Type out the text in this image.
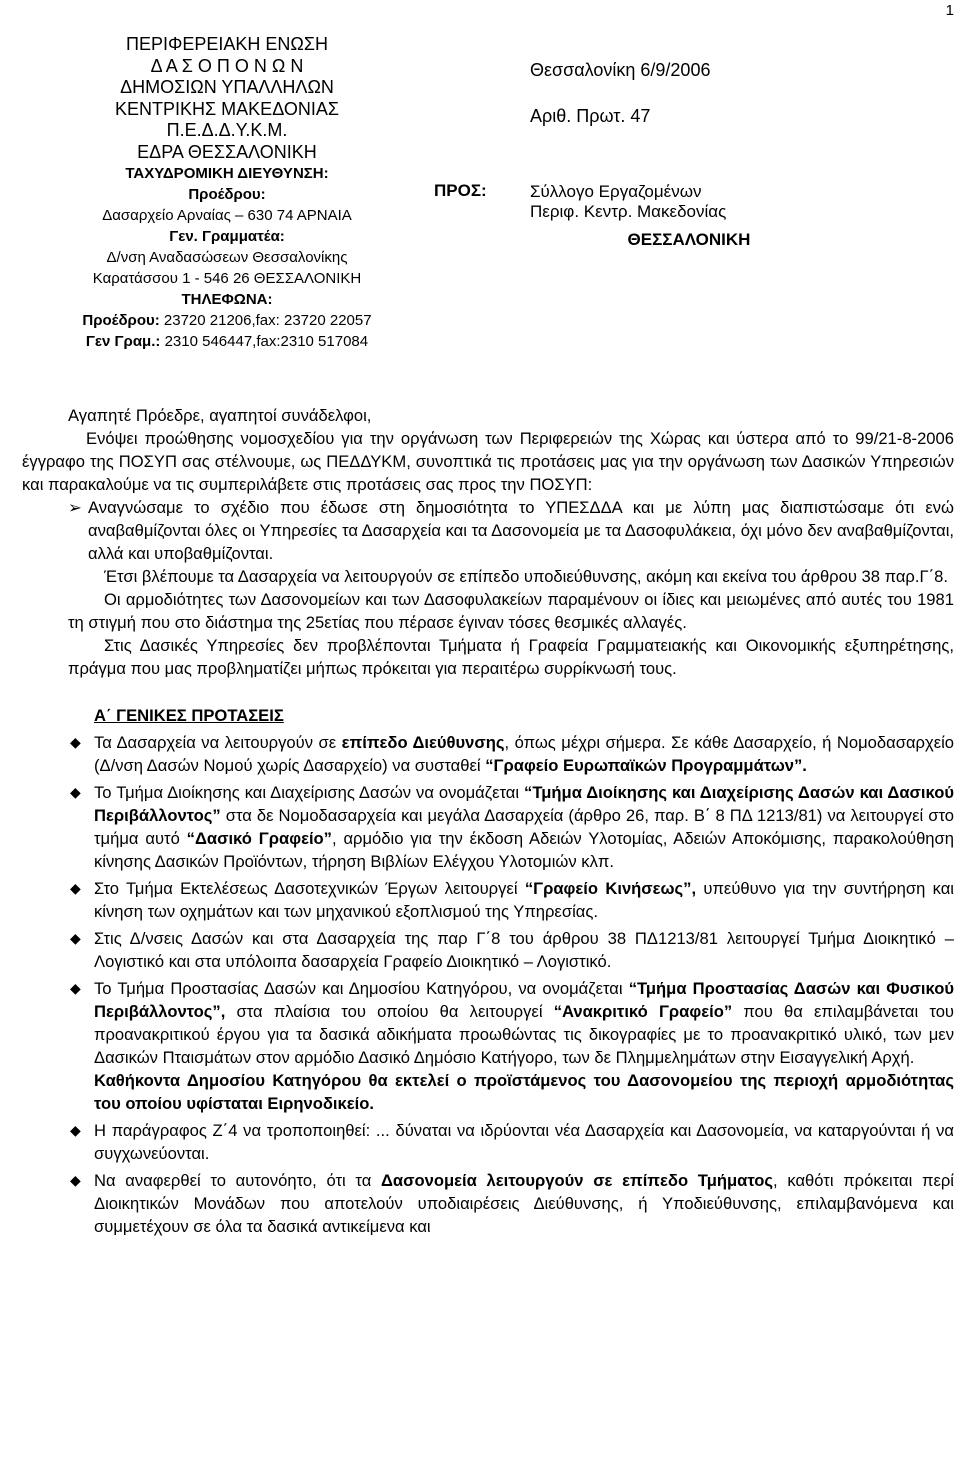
1
ΠΕΡΙΦΕΡΕΙΑΚΗ ΕΝΩΣΗ
Δ Α Σ Ο Π Ο Ν Ω Ν
ΔΗΜΟΣΙΩΝ ΥΠΑΛΛΗΛΩΝ
ΚΕΝΤΡΙΚΗΣ ΜΑΚΕΔΟΝΙΑΣ
Π.Ε.Δ.Δ.Υ.Κ.Μ.
ΕΔΡΑ ΘΕΣΣΑΛΟΝΙΚΗ
ΤΑΧΥΔΡΟΜΙΚΗ ΔΙΕΥΘΥΝΣΗ:
Προέδρου:
Δασαρχείο Αρναίας – 630 74 ΑΡΝΑΙΑ
Γεν. Γραμματέα:
Δ/νση Αναδασώσεων Θεσσαλονίκης
Καρατάσσου 1 - 546 26 ΘΕΣΣΑΛΟΝΙΚΗ
ΤΗΛΕΦΩΝΑ:
Προέδρου: 23720 21206,fax: 23720 22057
Γεν Γραμ.: 2310 546447,fax:2310 517084
Θεσσαλονίκη 6/9/2006
Αριθ. Πρωτ. 47
ΠΡΟΣ:	Σύλλογο Εργαζομένων
Περιφ. Κεντρ. Μακεδονίας
ΘΕΣΣΑΛΟΝΙΚΗ

Αγαπητέ Πρόεδρε, αγαπητοί συνάδελφοι,

Ενόψει προώθησης νομοσχεδίου για την οργάνωση των Περιφερειών της Χώρας και ύστερα από το 99/21-8-2006 έγγραφο της ΠΟΣΥΠ σας στέλνουμε, ως ΠΕΔΔΥΚΜ, συνοπτικά τις προτάσεις μας για την οργάνωση των Δασικών Υπηρεσιών και παρακαλούμε να τις συμπεριλάβετε στις προτάσεις σας προς την ΠΟΣΥΠ:

➢ Αναγνώσαμε το σχέδιο που έδωσε στη δημοσιότητα το ΥΠΕΣΔΔΑ και με λύπη μας διαπιστώσαμε ότι ενώ αναβαθμίζονται όλες οι Υπηρεσίες τα Δασαρχεία και τα Δασονομεία με τα Δασοφυλάκεια, όχι μόνο δεν αναβαθμίζονται, αλλά και υποβαθμίζονται.

Έτσι βλέπουμε τα Δασαρχεία να λειτουργούν σε επίπεδο υποδιεύθυνσης, ακόμη και εκείνα του άρθρου 38 παρ.Γ΄8.

Οι αρμοδιότητες των Δασονομείων και των Δασοφυλακείων παραμένουν οι ίδιες και μειωμένες από αυτές του 1981 τη στιγμή που στο διάστημα της 25ετίας που πέρασε έγιναν τόσες θεσμικές αλλαγές.

Στις Δασικές Υπηρεσίες δεν προβλέπονται Τμήματα ή Γραφεία Γραμματειακής και Οικονομικής εξυπηρέτησης, πράγμα που μας προβληματίζει μήπως πρόκειται για περαιτέρω συρρίκνωσή τους.

Α΄ ΓΕΝΙΚΕΣ ΠΡΟΤΑΣΕΙΣ

◆ Τα Δασαρχεία να λειτουργούν σε επίπεδο Διεύθυνσης, όπως μέχρι σήμερα. Σε κάθε Δασαρχείο, ή Νομοδασαρχείο (Δ/νση Δασών Νομού χωρίς Δασαρχείο) να συσταθεί “Γραφείο Ευρωπαϊκών Προγραμμάτων”.

◆ Το Τμήμα Διοίκησης και Διαχείρισης Δασών να ονομάζεται “Τμήμα Διοίκησης και Διαχείρισης Δασών και Δασικού Περιβάλλοντος” στα δε Νομοδασαρχεία και μεγάλα Δασαρχεία (άρθρο 26, παρ. Β΄ 8 ΠΔ 1213/81) να λειτουργεί στο τμήμα αυτό “Δασικό Γραφείο”, αρμόδιο για την έκδοση Αδειών Υλοτομίας, Αδειών Αποκόμισης, παρακολούθηση κίνησης Δασικών Προϊόντων, τήρηση Βιβλίων Ελέγχου Υλοτομιών κλπ.

◆ Στο Τμήμα Εκτελέσεως Δασοτεχνικών Έργων λειτουργεί “Γραφείο Κινήσεως”, υπεύθυνο για την συντήρηση και κίνηση των οχημάτων και των μηχανικού εξοπλισμού της Υπηρεσίας.

◆ Στις Δ/νσεις Δασών και στα Δασαρχεία της παρ Γ΄8 του άρθρου 38 ΠΔ1213/81 λειτουργεί Τμήμα Διοικητικό – Λογιστικό και στα υπόλοιπα δασαρχεία Γραφείο Διοικητικό – Λογιστικό.

◆ Το Τμήμα Προστασίας Δασών και Δημοσίου Κατηγόρου, να ονομάζεται “Τμήμα Προστασίας Δασών και Φυσικού Περιβάλλοντος”, στα πλαίσια του οποίου θα λειτουργεί “Ανακριτικό Γραφείο” που θα επιλαμβάνεται του προανακριτικού έργου για τα δασικά αδικήματα προωθώντας τις δικογραφίες με το προανακριτικό υλικό, των μεν Δασικών Πταισμάτων στον αρμόδιο Δασικό Δημόσιο Κατήγορο, των δε Πλημμελημάτων στην Εισαγγελική Αρχή.

Καθήκοντα Δημοσίου Κατηγόρου θα εκτελεί ο προϊστάμενος του Δασονομείου της περιοχή αρμοδιότητας του οποίου υφίσταται Ειρηνοδικείο.

◆ Η παράγραφος Ζ΄4 να τροποποιηθεί: ... δύναται να ιδρύονται νέα Δασαρχεία και Δασονομεία, να καταργούνται ή να συγχωνεύονται.

◆ Να αναφερθεί το αυτονόητο, ότι τα Δασονομεία λειτουργούν σε επίπεδο Τμήματος, καθότι πρόκειται περί Διοικητικών Μονάδων που αποτελούν υποδιαιρέσεις Διεύθυνσης, ή Υποδιεύθυνσης, επιλαμβανόμενα και συμμετέχουν σε όλα τα δασικά αντικείμενα και
